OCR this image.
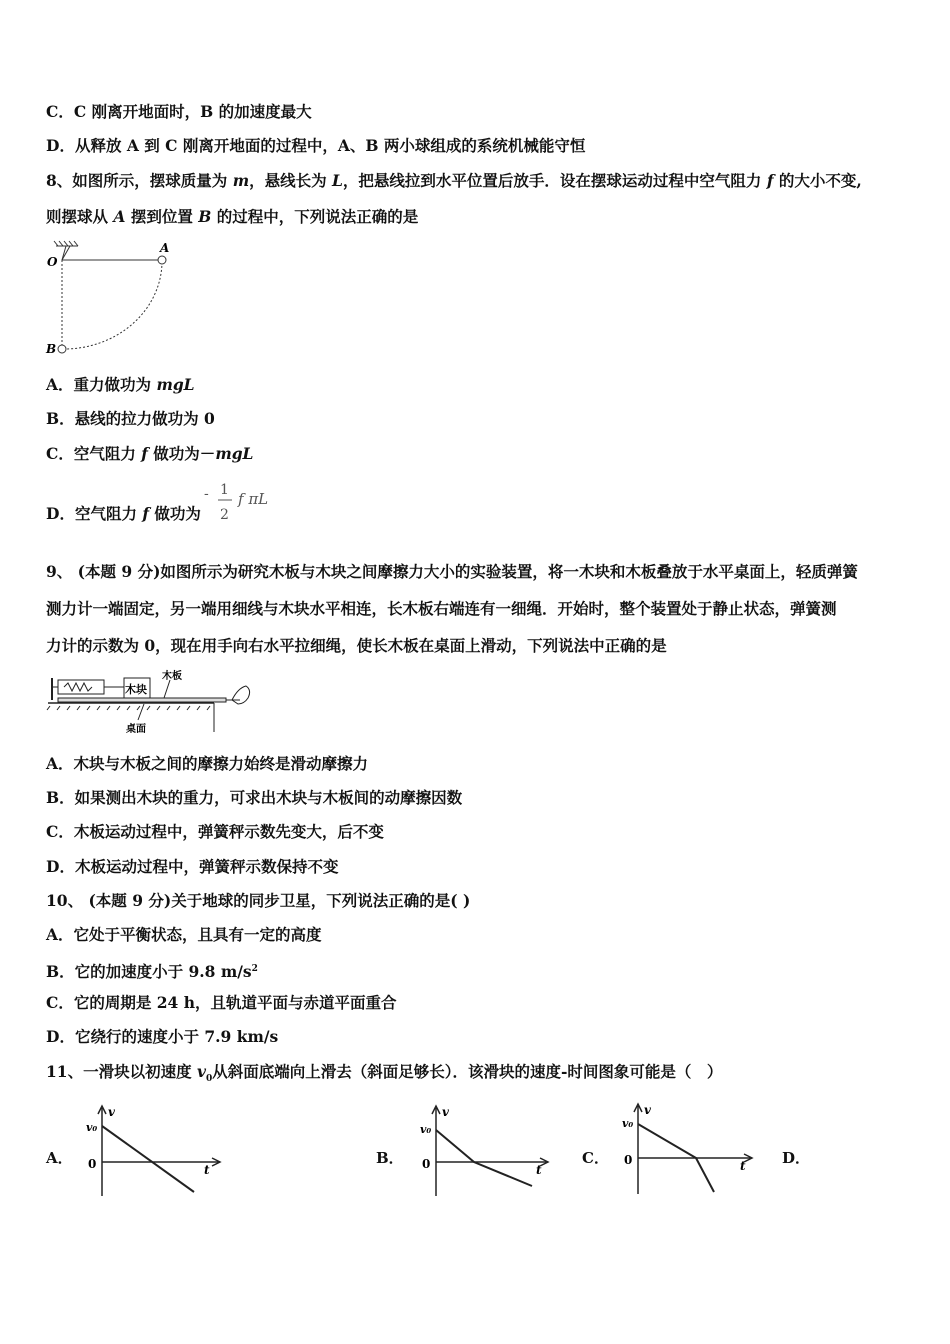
C．C 刚离开地面时，B 的加速度最大
D．从释放 A 到 C 刚离开地面的过程中，A、B 两小球组成的系统机械能守恒
8、如图所示，摆球质量为 m，悬线长为 L，把悬线拉到水平位置后放手．设在摆球运动过程中空气阻力 f 的大小不变,
则摆球从 A 摆到位置 B 的过程中，下列说法正确的是
O
A
B
A．重力做功为 mgL
B．悬线的拉力做功为 0
C．空气阻力 f 做功为－mgL
D．空气阻力 f 做功为
- 1
2
f πL
9、 (本题 9 分)如图所示为研究木板与木块之间摩擦力大小的实验装置，将一木块和木板叠放于水平桌面上，轻质弹簧
测力计一端固定，另一端用细线与木块水平相连，长木板右端连有一细绳．开始时，整个装置处于静止状态，弹簧测
力计的示数为 0，现在用手向右水平拉细绳，使长木板在桌面上滑动，下列说法中正确的是
木块
木板
桌面
A．木块与木板之间的摩擦力始终是滑动摩擦力
B．如果测出木块的重力，可求出木块与木板间的动摩擦因数
C．木板运动过程中，弹簧秤示数先变大，后不变
D．木板运动过程中，弹簧秤示数保持不变
10、 (本题 9 分)关于地球的同步卫星，下列说法正确的是( )
A．它处于平衡状态，且具有一定的高度
B．它的加速度小于 9.8 $m/s^2$
C．它的周期是 24 h，且轨道平面与赤道平面重合
D．它绕行的速度小于 7.9 km/s
11、一滑块以初速度 $v_0$从斜面底端向上滑去（斜面足够长）．该滑块的速度-时间图象可能是（　）
A．
v
v₀
0	t
B．
v
v₀
0	t
C．
v
v₀
0	t D．
